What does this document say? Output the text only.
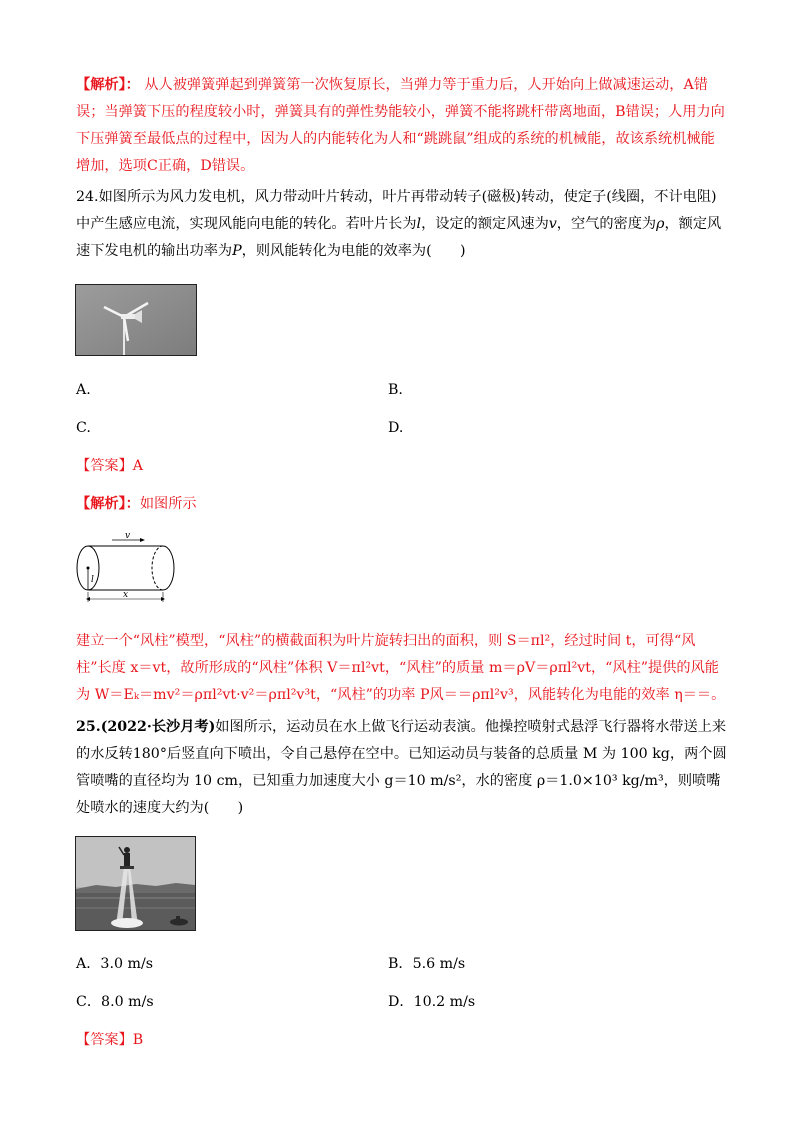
【解析】： 从人被弹簧弹起到弹簧第一次恢复原长，当弹力等于重力后，人开始向上做减速运动，A错误；当弹簧下压的程度较小时，弹簧具有的弹性势能较小，弹簧不能将跳杆带离地面，B错误；人用力向下压弹簧至最低点的过程中，因为人的内能转化为人和“跳跳鼠”组成的系统的机械能，故该系统机械能增加，选项C正确，D错误。
24.如图所示为风力发电机，风力带动叶片转动，叶片再带动转子(磁极)转动，使定子(线圈，不计电阻)中产生感应电流，实现风能向电能的转化。若叶片长为l，设定的额定风速为v，空气的密度为ρ，额定风速下发电机的输出功率为P，则风能转化为电能的效率为(　　)
A.	B.
C.	D.
【答案】A
【解析】：如图所示
v
l
x
建立一个“风柱”模型，“风柱”的横截面积为叶片旋转扫出的面积，则 S＝πl²，经过时间 t，可得“风柱”长度 x＝vt，故所形成的“风柱”体积 V＝πl²vt，“风柱”的质量 m＝ρV＝ρπl²vt，“风柱”提供的风能为 W＝Eₖ＝mv²＝ρπl²vt·v²＝ρπl²v³t，“风柱”的功率 P风＝＝ρπl²v³，风能转化为电能的效率 η＝＝。
25.(2022·长沙月考)如图所示，运动员在水上做飞行运动表演。他操控喷射式悬浮飞行器将水带送上来的水反转180°后竖直向下喷出，令自己悬停在空中。已知运动员与装备的总质量 M 为 100 kg，两个圆管喷嘴的直径均为 10 cm，已知重力加速度大小 g＝10 m/s²，水的密度 ρ＝1.0×10³ kg/m³，则喷嘴处喷水的速度大约为(　　)
A．3.0 m/s	B．5.6 m/s
C．8.0 m/s	D．10.2 m/s
【答案】B
